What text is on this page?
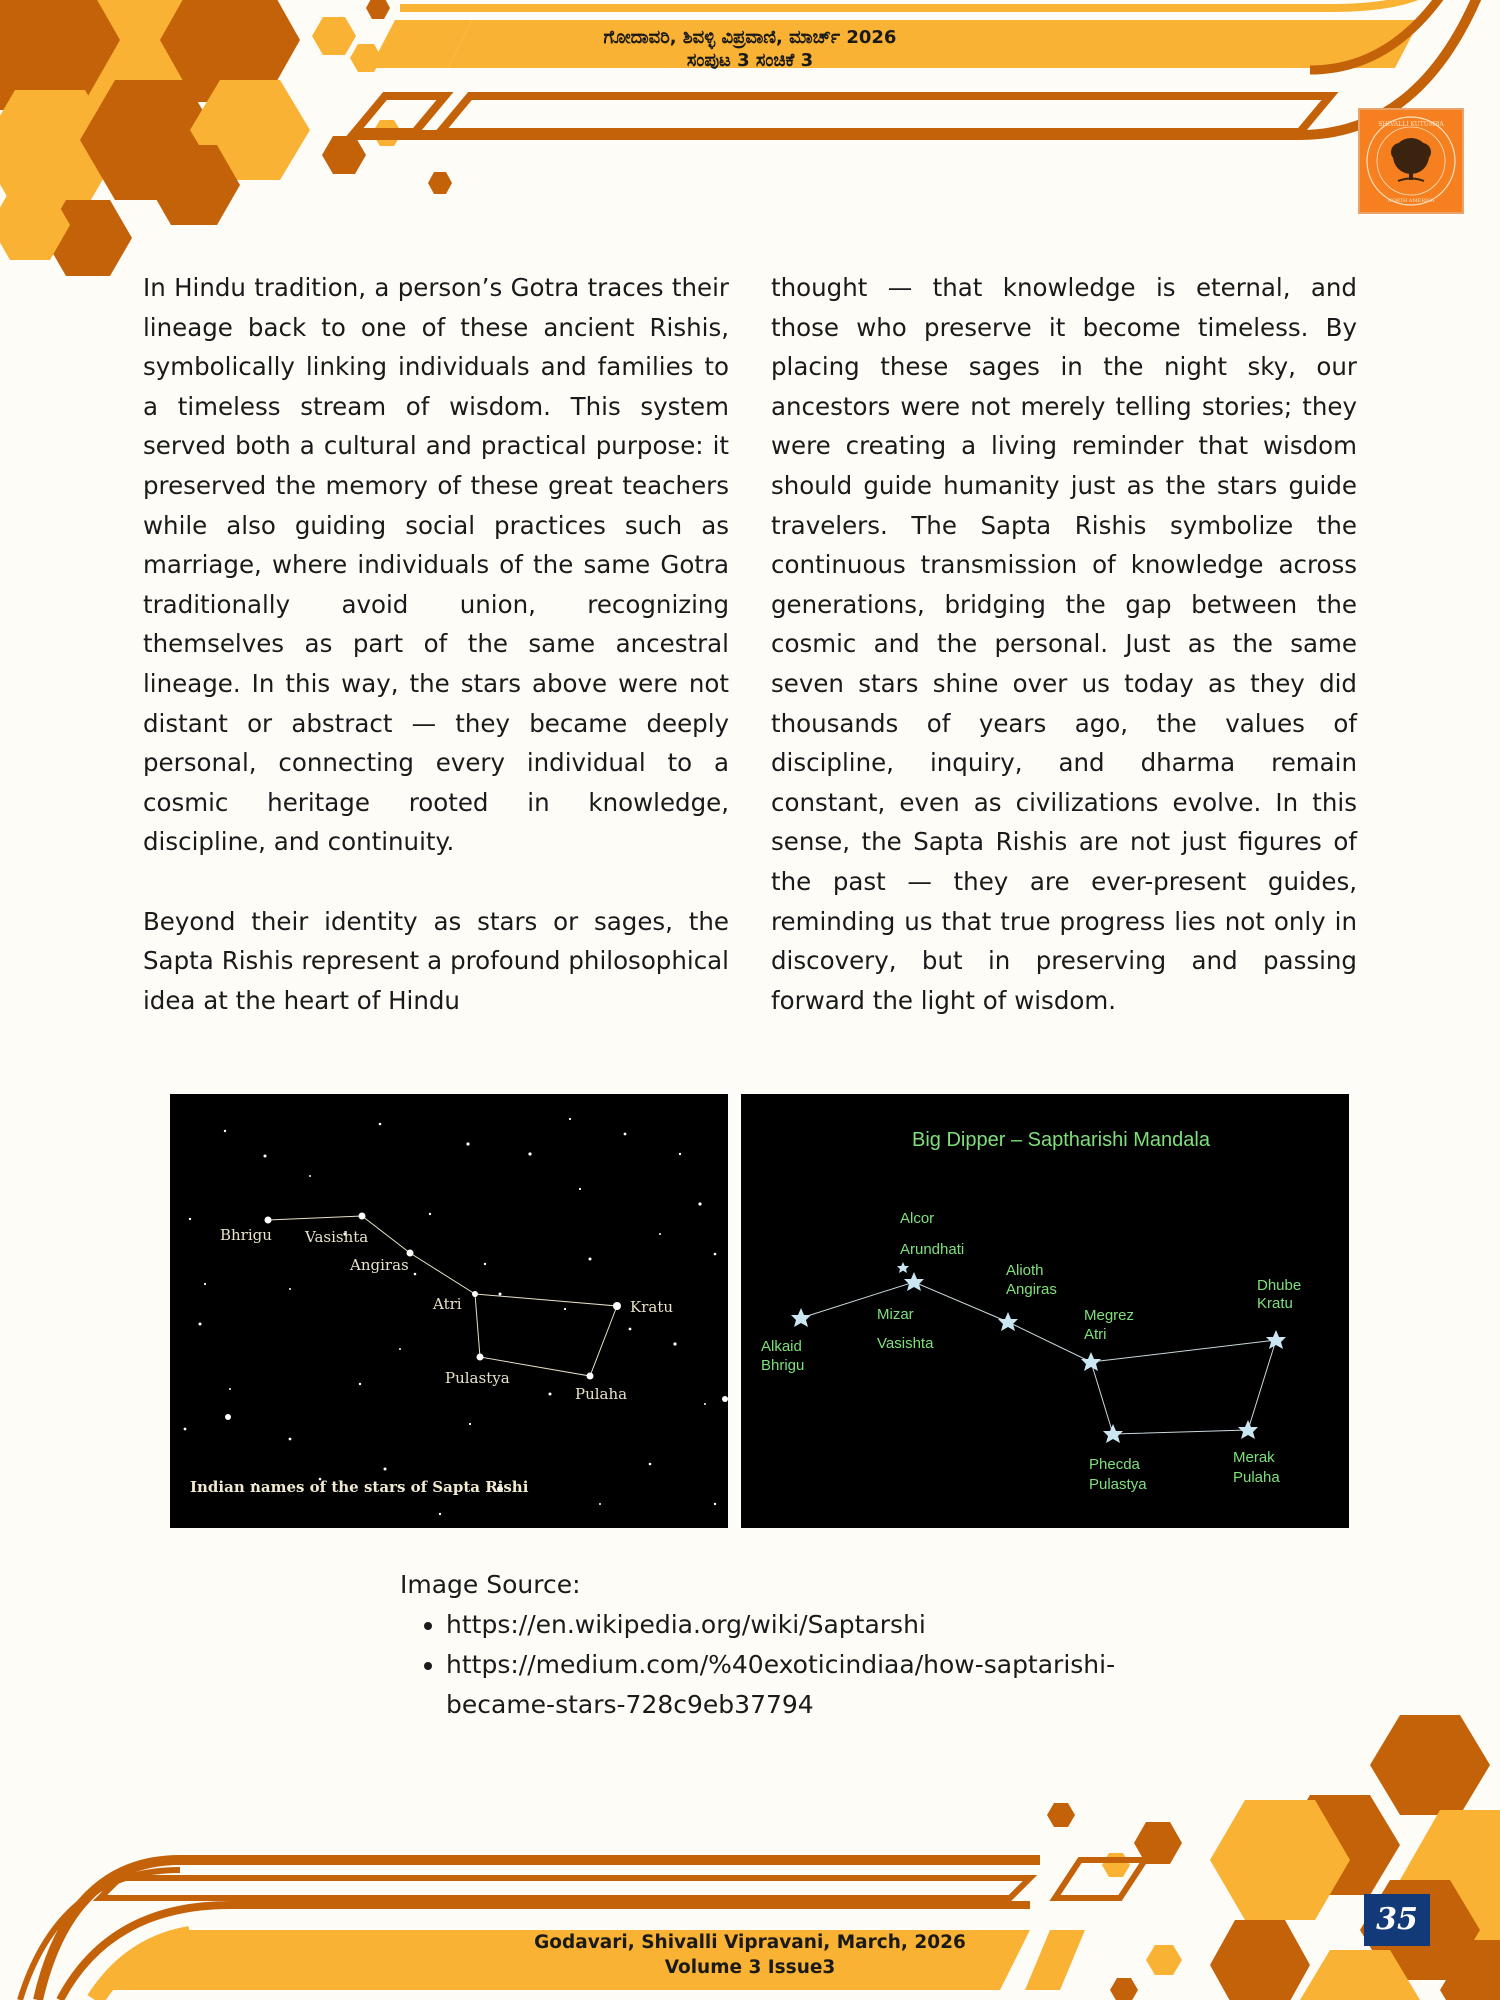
ಗೋದಾವರಿ, ಶಿವಳ್ಳಿ ವಿಪ್ರವಾಣಿ, ಮಾರ್ಚ್ 2026
ಸಂಪುಟ 3 ಸಂಚಿಕೆ 3
SHIVALLI KUTUMBA
NORTH AMERICA

In Hindu tradition, a person’s Gotra traces their lineage back to one of these ancient Rishis, symbolically linking individuals and families to a timeless stream of wisdom. This system served both a cultural and practical purpose: it preserved the memory of these great teachers while also guiding social practices such as marriage, where individuals of the same Gotra traditionally avoid union, recognizing themselves as part of the same ancestral lineage. In this way, the stars above were not distant or abstract — they became deeply personal, connecting every individual to a cosmic heritage rooted in knowledge, discipline, and continuity.

Beyond their identity as stars or sages, the Sapta Rishis represent a profound philosophical idea at the heart of Hindu

thought — that knowledge is eternal, and those who preserve it become timeless. By placing these sages in the night sky, our ancestors were not merely telling stories; they were creating a living reminder that wisdom should guide humanity just as the stars guide travelers. The Sapta Rishis symbolize the continuous transmission of knowledge across generations, bridging the gap between the cosmic and the personal. Just as the same seven stars shine over us today as they did thousands of years ago, the values of discipline, inquiry, and dharma remain constant, even as civilizations evolve. In this sense, the Sapta Rishis are not just figures of the past — they are ever-present guides, reminding us that true progress lies not only in discovery, but in preserving and passing forward the light of wisdom.

Bhrigu Vasishta
Angiras
Atri	Kratu
Pulastya
Pulaha
Indian names of the stars of Sapta Rishi
Big Dipper – Saptharishi Mandala
Alcor
Arundhati
Alioth
Angiras
Megrez
Atri
Dhube
Kratu
Mizar
Vasishta
Alkaid
Bhrigu
Phecda
Pulastya
Merak
Pulaha
Image Source:
• https://en.wikipedia.org/wiki/Saptarshi
• https://medium.com/%40exoticindiaa/how-saptarishi-became-stars-728c9eb37794
Godavari, Shivalli Vipravani, March, 2026
Volume 3 Issue3
35
